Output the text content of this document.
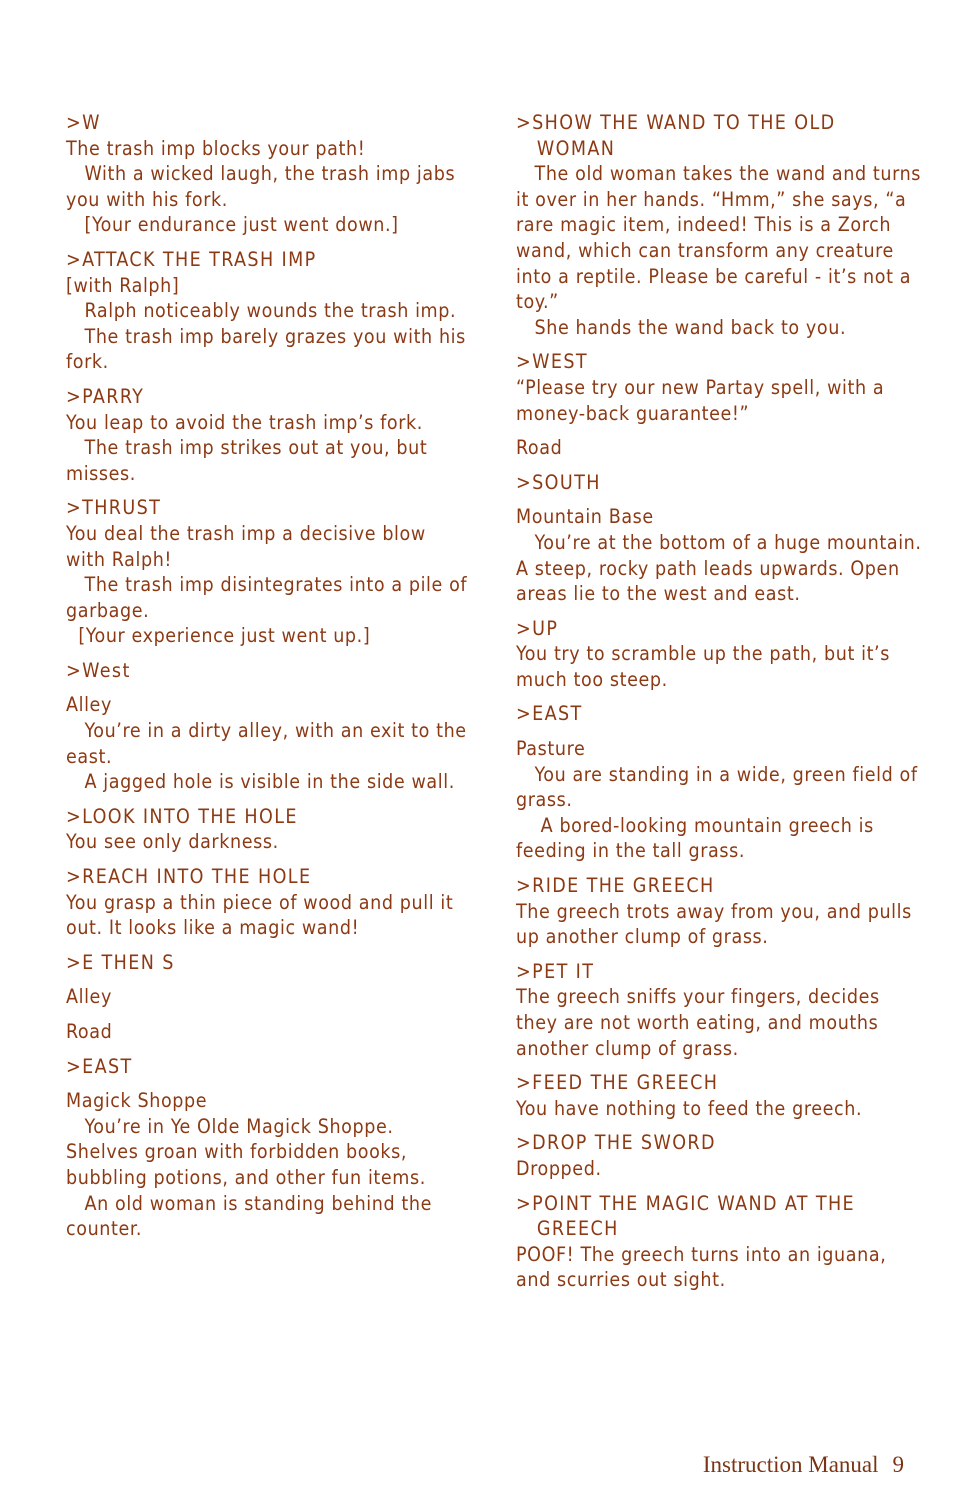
>W
The trash imp blocks your path!
With a wicked laugh, the trash imp jabs
you with his fork.
[Your endurance just went down.]
>ATTACK THE TRASH IMP
[with Ralph]
Ralph noticeably wounds the trash imp.
The trash imp barely grazes you with his
fork.
>PARRY
You leap to avoid the trash imp’s fork.
The trash imp strikes out at you, but
misses.
>THRUST
You deal the trash imp a decisive blow
with Ralph!
The trash imp disintegrates into a pile of
garbage.
[Your experience just went up.]
>West
Alley
You’re in a dirty alley, with an exit to the
east.
A jagged hole is visible in the side wall.
>LOOK INTO THE HOLE
You see only darkness.
>REACH INTO THE HOLE
You grasp a thin piece of wood and pull it
out. It looks like a magic wand!
>E THEN S
Alley
Road
>EAST
Magick Shoppe
You’re in Ye Olde Magick Shoppe.
Shelves groan with forbidden books,
bubbling potions, and other fun items.
An old woman is standing behind the
counter.
>SHOW THE WAND TO THE OLD
WOMAN
The old woman takes the wand and turns
it over in her hands. “Hmm,” she says, “a
rare magic item, indeed! This is a Zorch
wand, which can transform any creature
into a reptile. Please be careful - it’s not a
toy.”
She hands the wand back to you.
>WEST
“Please try our new Partay spell, with a
money-back guarantee!”
Road
>SOUTH
Mountain Base
You’re at the bottom of a huge mountain.
A steep, rocky path leads upwards. Open
areas lie to the west and east.
>UP
You try to scramble up the path, but it’s
much too steep.
>EAST
Pasture
You are standing in a wide, green field of
grass.
A bored-looking mountain greech is
feeding in the tall grass.
>RIDE THE GREECH
The greech trots away from you, and pulls
up another clump of grass.
>PET IT
The greech sniffs your fingers, decides
they are not worth eating, and mouths
another clump of grass.
>FEED THE GREECH
You have nothing to feed the greech.
>DROP THE SWORD
Dropped.
>POINT THE MAGIC WAND AT THE
GREECH
POOF! The greech turns into an iguana,
and scurries out sight.
Instruction Manual 9
